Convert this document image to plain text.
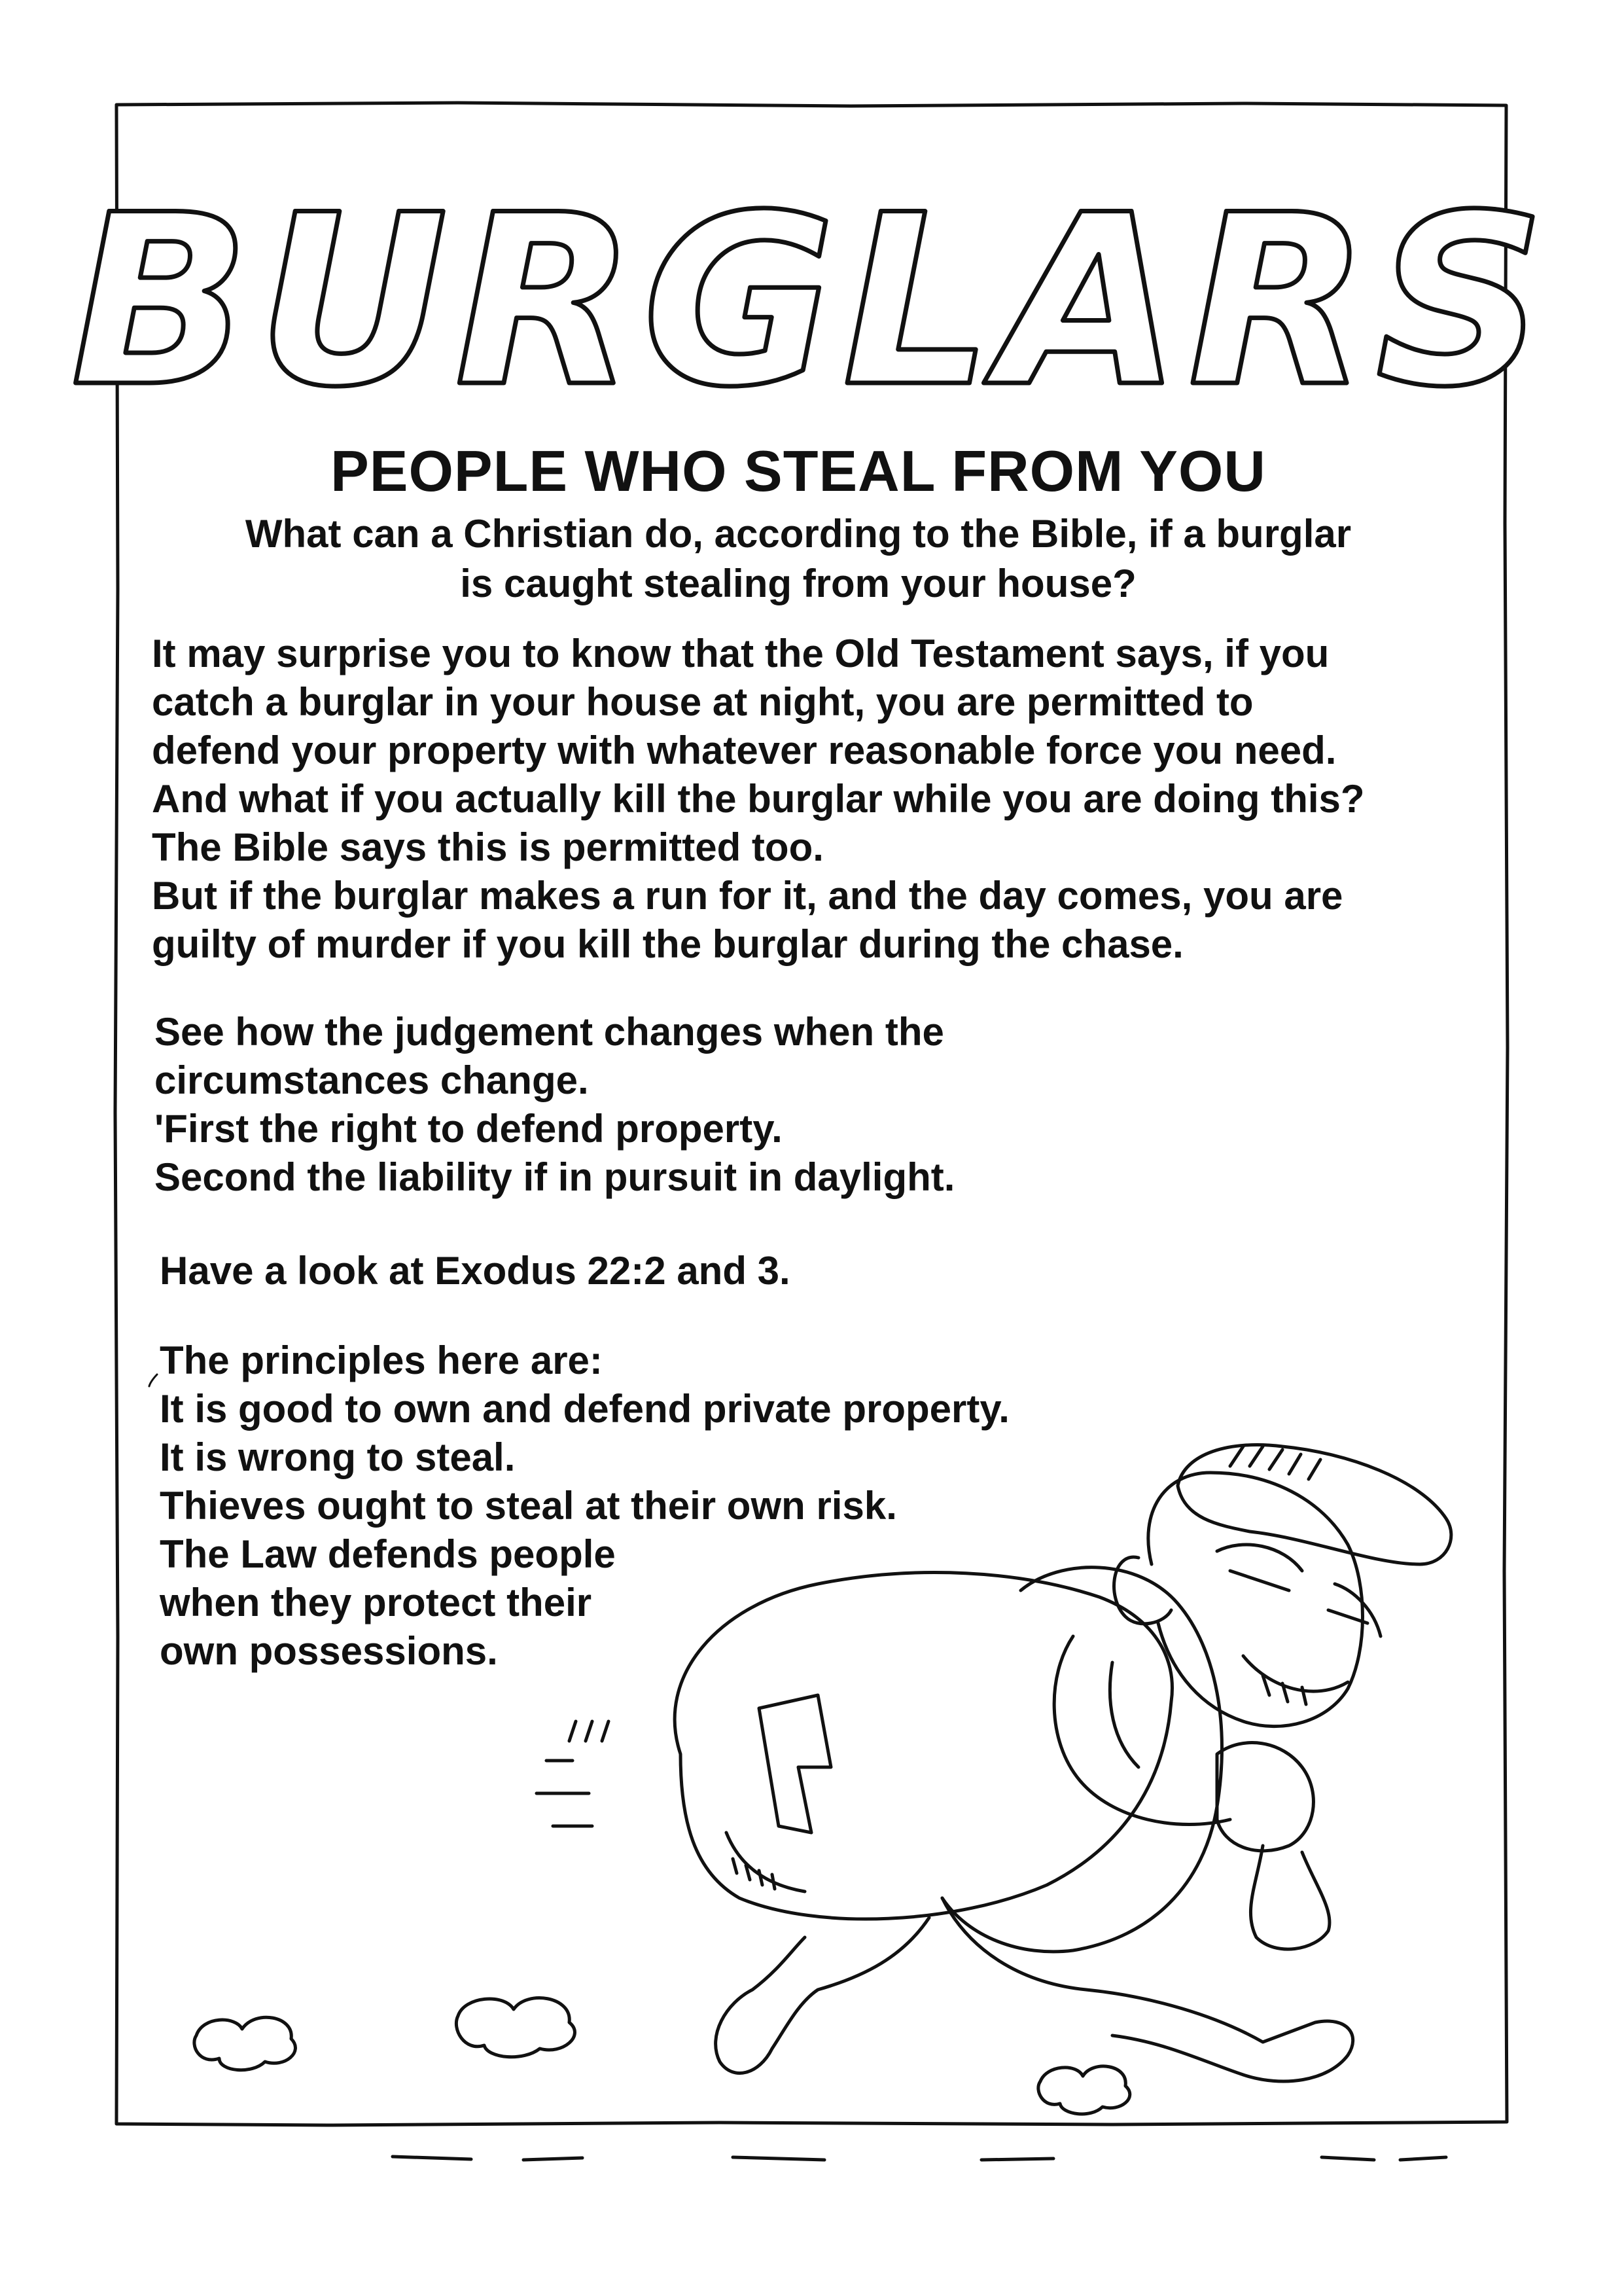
BURGLARS
PEOPLE WHO STEAL FROM YOU
What can a Christian do, according to the Bible, if a burglar
is caught stealing from your house?

It may surprise you to know that the Old Testament says, if you

catch a burglar in your house at night, you are permitted to

defend your property with whatever reasonable force you need.

And what if you actually kill the burglar while you are doing this?

The Bible says this is permitted too.

But if the burglar makes a run for it, and the day comes, you are

guilty of murder if you kill the burglar during the chase.

See how the judgement changes when the

circumstances change.

'First the right to defend property.

Second the liability if in pursuit in daylight.

Have a look at Exodus 22:2 and 3.

The principles here are:

It is good to own and defend private property.

It is wrong to steal.

Thieves ought to steal at their own risk.

The Law defends people

when they protect their

own possessions.
